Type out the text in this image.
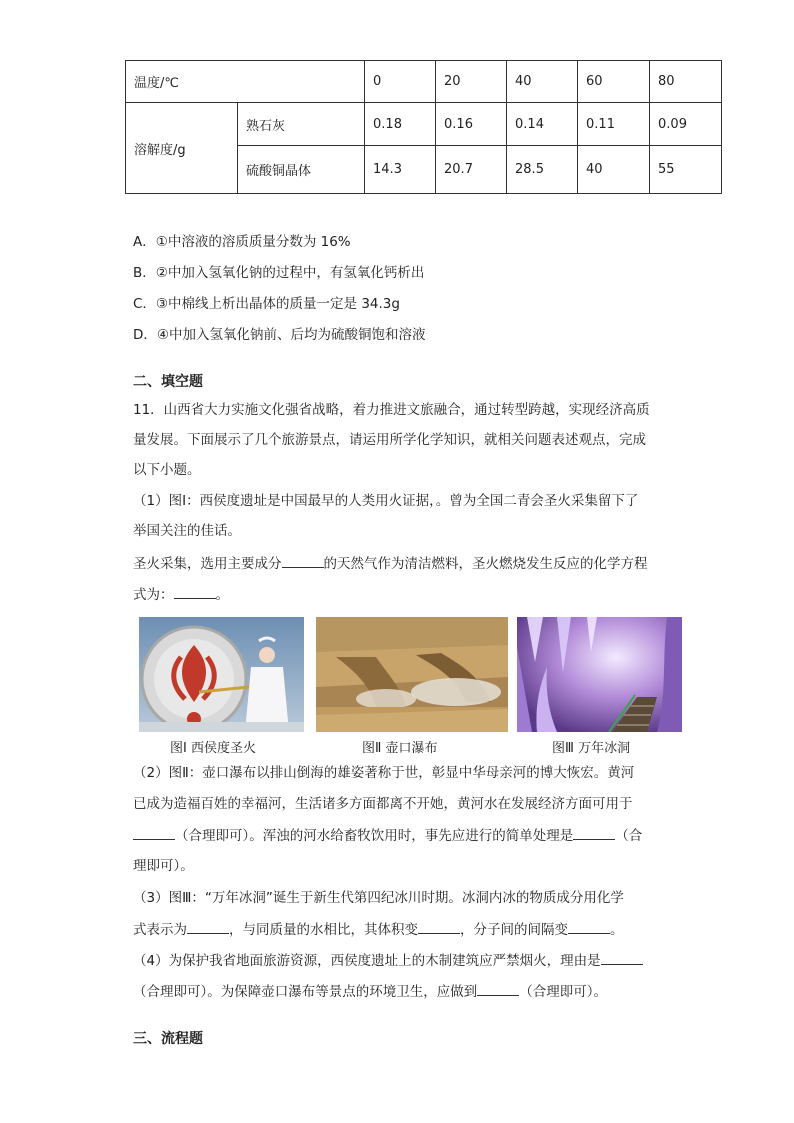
温度/℃		0	20	40	60	80
溶解度/g	熟石灰	0.18	0.16	0.14	0.11	0.09
	硫酸铜晶体	14.3	20.7	28.5	40	55
A．①中溶液的溶质质量分数为 16%
B．②中加入氢氧化钠的过程中，有氢氧化钙析出
C．③中棉线上析出晶体的质量一定是 34.3g
D．④中加入氢氧化钠前、后均为硫酸铜饱和溶液
二、填空题
11．山西省大力实施文化强省战略，着力推进文旅融合，通过转型跨越，实现经济高质
量发展。下面展示了几个旅游景点，请运用所学化学知识，就相关问题表述观点，完成
以下小题。
（1）图Ⅰ：西侯度遗址是中国最早的人类用火证据，。曾为全国二青会圣火采集留下了
举国关注的佳话。
圣火采集，选用主要成分	的天然气作为清洁燃料，圣火燃烧发生反应的化学方程
式为：	。
图Ⅰ 西侯度圣火	图Ⅱ 壶口瀑布	图Ⅲ 万年冰洞
（2）图Ⅱ：壶口瀑布以排山倒海的雄姿著称于世，彰显中华母亲河的博大恢宏。黄河
已成为造福百姓的幸福河，生活诸多方面都离不开她，黄河水在发展经济方面可用于
（合理即可）。浑浊的河水给畜牧饮用时，事先应进行的简单处理是	（合
理即可）。
（3）图Ⅲ：“万年冰洞”诞生于新生代第四纪冰川时期。冰洞内冰的物质成分用化学
式表示为	，与同质量的水相比，其体积变	，分子间的间隔变	。
（4）为保护我省地面旅游资源，西侯度遗址上的木制建筑应严禁烟火，理由是
（合理即可）。为保障壶口瀑布等景点的环境卫生，应做到	（合理即可）。
三、流程题
